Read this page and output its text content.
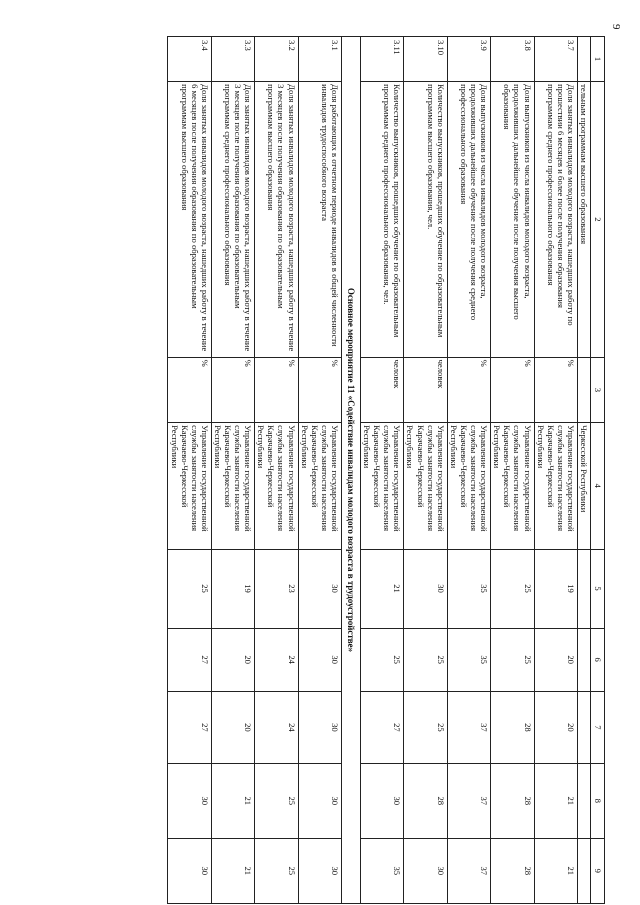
9
1	2	3	4	5	6	7	8	9
	тельным программам высшего образования		Черкесской Республики					
3.7	Доля занятых инвалидов молодого возраста, нашедших работу по прошествии 6 месяцев и более после получения образования программам среднего профессионального образования	%	Управление государственной службы занятости населения Карачаево-Черкесской Республики	19	20	20	21	21
3.8	Доля выпускников из числа инвалидов молодого возраста, продолживших дальнейшее обучение после получения высшего образования	%	Управление государственной службы занятости населения Карачаево-Черкесской Республики	25	25	28	28	28
3.9	Доля выпускников из числа инвалидов молодого возраста, продолживших дальнейшее обучение после получения среднего профессионального образования	%	Управление государственной службы занятости населения Карачаево-Черкесской Республики	35	35	37	37	37
3.10	Количество выпускников, прошедших обучение по образовательным программам высшего образования, чел.	человек	Управление государственной службы занятости населения Карачаево-Черкесской Республики	30	25	25	28	30
3.11	Количество выпускников, прошедших обучение по образовательным программам среднего профессионального образования, чел.	человек	Управление государственной службы занятости населения Карачаево-Черкесской Республики	21	25	27	30	35
Основное мероприятие 11 «Содействие инвалидам молодого возраста в трудоустройстве»								
3.1	Доля работающих в отчетном периоде инвалидов в общей численности инвалидов трудоспособного возраста	%	Управление государственной службы занятости населения Карачаево-Черкесской Республики	30	30	30	30	30
3.2	Доля занятых инвалидов молодого возраста, нашедших работу в течение 3 месяцев после получения образования по образовательным программам высшего образования	%	Управление государственной службы занятости населения Карачаево-Черкесской Республики	23	24	24	25	25
3.3	Доля занятых инвалидов молодого возраста, нашедших работу в течение 3 месяцев после получения образования по образовательным программам среднего профессионального образования	%	Управление государственной службы занятости населения Карачаево-Черкесской Республики	19	20	20	21	21
3.4	Доля занятых инвалидов молодого возраста, нашедших работу в течение 6 месяцев после получения образования по образовательным программам высшего образования	%	Управление государственной службы занятости населения Карачаево-Черкесской Республики	25	27	27	30	30
